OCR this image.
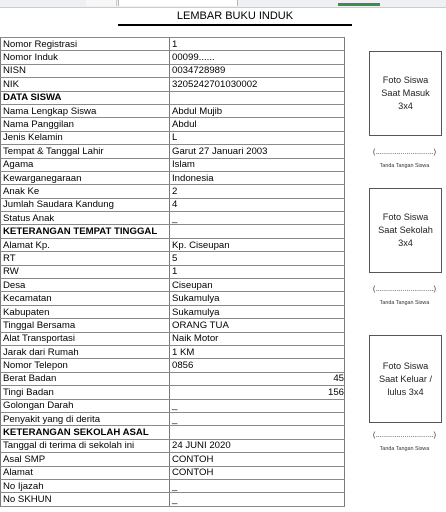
LEMBAR BUKU INDUK
Nomor Registrasi	1
Nomor Induk	00099......
NISN	0034728989
NIK	3205242701030002
DATA SISWA	
Nama Lengkap Siswa	Abdul Mujib
Nama Panggilan	Abdul
Jenis Kelamin	L
Tempat & Tanggal Lahir	Garut 27 Januari 2003
Agama	Islam
Kewarganegaraan	Indonesia
Anak Ke	2
Jumlah Saudara Kandung	4
Status Anak	_
KETERANGAN TEMPAT TINGGAL	
Alamat Kp.	Kp. Ciseupan
RT	5
RW	1
Desa	Ciseupan
Kecamatan	Sukamulya
Kabupaten	Sukamulya
Tinggal Bersama	ORANG TUA
Alat Transportasi	Naik Motor
Jarak dari Rumah	1 KM
Nomor Telepon	0856
Berat Badan	45
Tingi Badan	156
Golongan Darah	_
Penyakit yang di derita	_
KETERANGAN SEKOLAH ASAL	
Tanggal di terima di sekolah ini	24 JUNI 2020
Asal SMP	CONTOH
Alamat	CONTOH
No Ijazah	_
No SKHUN	_
Foto Siswa Saat Masuk 3x4
(..............................)
Tanda Tangan Siswa
Foto Siswa Saat Sekolah 3x4
(..............................)
Tanda Tangan Siswa
Foto Siswa Saat Keluar / lulus 3x4
(..............................)
Tanda Tangan Siswa
